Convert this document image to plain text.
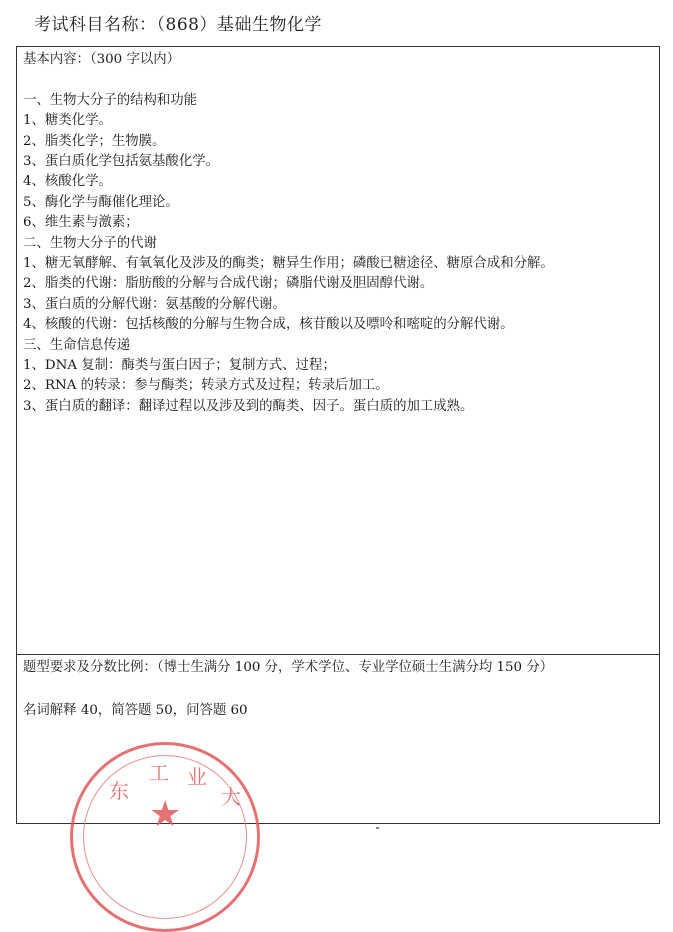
考试科目名称：（868）基础生物化学
基本内容：（300 字以内）
一、生物大分子的结构和功能
1、糖类化学。
2、脂类化学；生物膜。
3、蛋白质化学包括氨基酸化学。
4、核酸化学。
5、酶化学与酶催化理论。
6、维生素与激素；
二、生物大分子的代谢
1、糖无氧酵解、有氧氧化及涉及的酶类；糖异生作用；磷酸已糖途径、糖原合成和分解。
2、脂类的代谢：脂肪酸的分解与合成代谢；磷脂代谢及胆固醇代谢。
3、蛋白质的分解代谢：氨基酸的分解代谢。
4、核酸的代谢：包括核酸的分解与生物合成，核苷酸以及嘌呤和嘧啶的分解代谢。
三、生命信息传递
1、DNA 复制：酶类与蛋白因子；复制方式、过程；
2、RNA 的转录：参与酶类；转录方式及过程；转录后加工。
3、蛋白质的翻译：翻译过程以及涉及到的酶类、因子。蛋白质的加工成熟。
题型要求及分数比例：（博士生满分 100 分，学术学位、专业学位硕士生满分均 150 分）
名词解释 40，简答题 50，问答题 60
东
工 业
大
★
